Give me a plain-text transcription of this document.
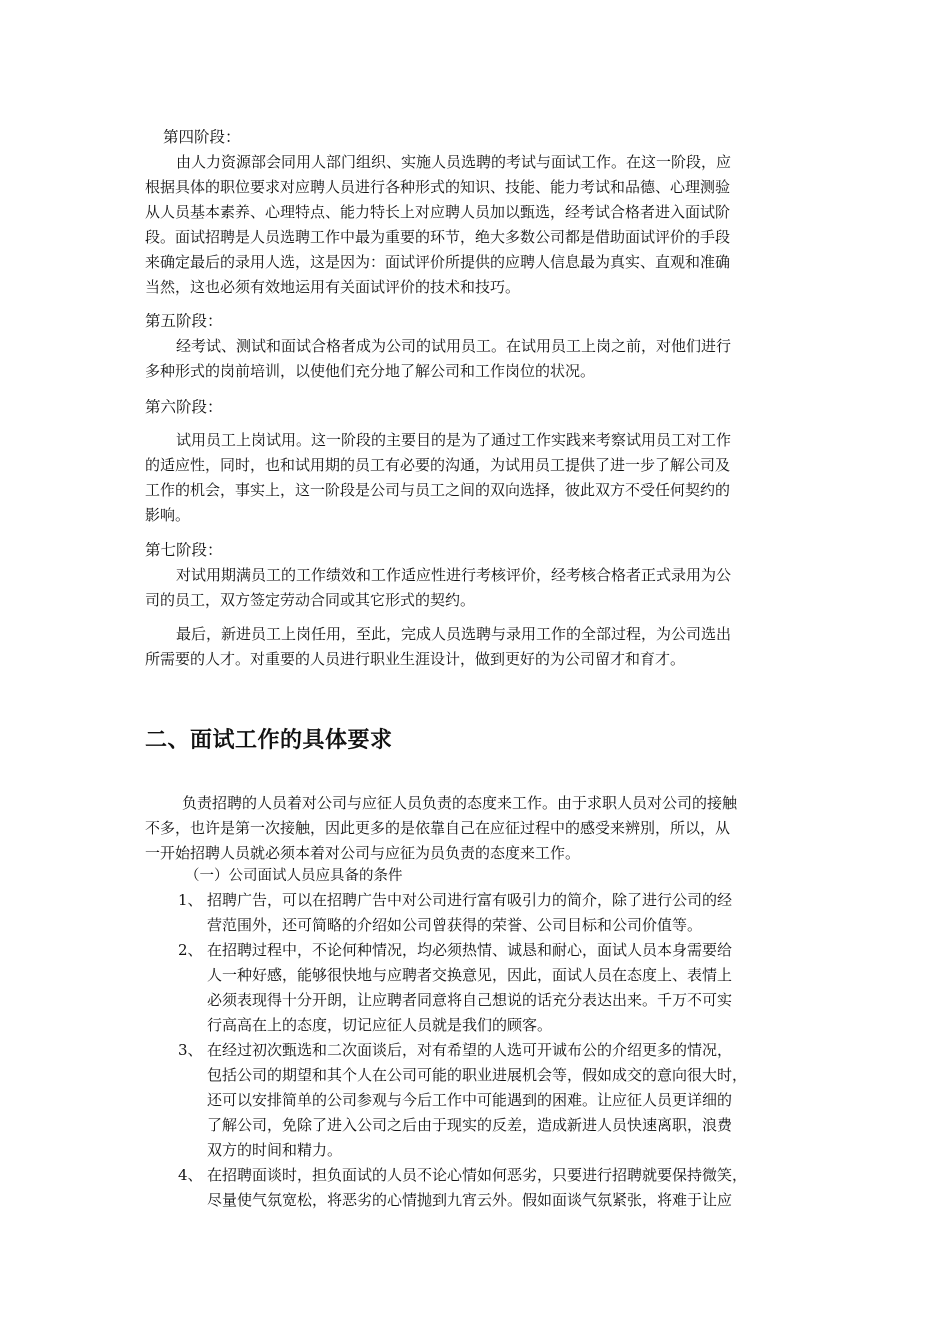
第四阶段：
由人力资源部会同用人部门组织、实施人员选聘的考试与面试工作。在这一阶段，应
根据具体的职位要求对应聘人员进行各种形式的知识、技能、能力考试和品德、心理测验
从人员基本素养、心理特点、能力特长上对应聘人员加以甄选，经考试合格者进入面试阶
段。面试招聘是人员选聘工作中最为重要的环节，绝大多数公司都是借助面试评价的手段
来确定最后的录用人选，这是因为：面试评价所提供的应聘人信息最为真实、直观和准确
当然，这也必须有效地运用有关面试评价的技术和技巧。
第五阶段：
经考试、测试和面试合格者成为公司的试用员工。在试用员工上岗之前，对他们进行
多种形式的岗前培训，以使他们充分地了解公司和工作岗位的状况。
第六阶段：
试用员工上岗试用。这一阶段的主要目的是为了通过工作实践来考察试用员工对工作
的适应性，同时，也和试用期的员工有必要的沟通，为试用员工提供了进一步了解公司及
工作的机会，事实上，这一阶段是公司与员工之间的双向选择，彼此双方不受任何契约的
影响。
第七阶段：
对试用期满员工的工作绩效和工作适应性进行考核评价，经考核合格者正式录用为公
司的员工，双方签定劳动合同或其它形式的契约。
最后，新进员工上岗任用，至此，完成人员选聘与录用工作的全部过程，为公司选出
所需要的人才。对重要的人员进行职业生涯设计，做到更好的为公司留才和育才。
二、面试工作的具体要求
负责招聘的人员着对公司与应征人员负责的态度来工作。由于求职人员对公司的接触
不多，也许是第一次接触，因此更多的是依靠自己在应征过程中的感受来辨別，所以，从
一开始招聘人员就必须本着对公司与应征为员负责的态度来工作。
（一）公司面试人员应具备的条件
1、 招聘广告，可以在招聘广告中对公司进行富有吸引力的简介，除了进行公司的经
营范围外，还可简略的介绍如公司曾获得的荣誉、公司目标和公司价值等。
2、 在招聘过程中，不论何种情况，均必须热情、诚恳和耐心，面试人员本身需要给
人一种好感，能够很快地与应聘者交换意见，因此，面试人员在态度上、表情上
必须表现得十分开朗，让应聘者同意将自己想说的话充分表达出来。千万不可实
行高高在上的态度，切记应征人员就是我们的顾客。
3、 在经过初次甄选和二次面谈后，对有希望的人选可开诚布公的介绍更多的情况，
包括公司的期望和其个人在公司可能的职业进展机会等，假如成交的意向很大时，
还可以安排简单的公司参观与今后工作中可能遇到的困难。让应征人员更详细的
了解公司，免除了进入公司之后由于现实的反差，造成新进人员快速离职，浪费
双方的时间和精力。
4、 在招聘面谈时，担负面试的人员不论心情如何恶劣，只要进行招聘就要保持微笑，
尽量使气氛宽松，将恶劣的心情抛到九宵云外。假如面谈气氛紧张，将难于让应
